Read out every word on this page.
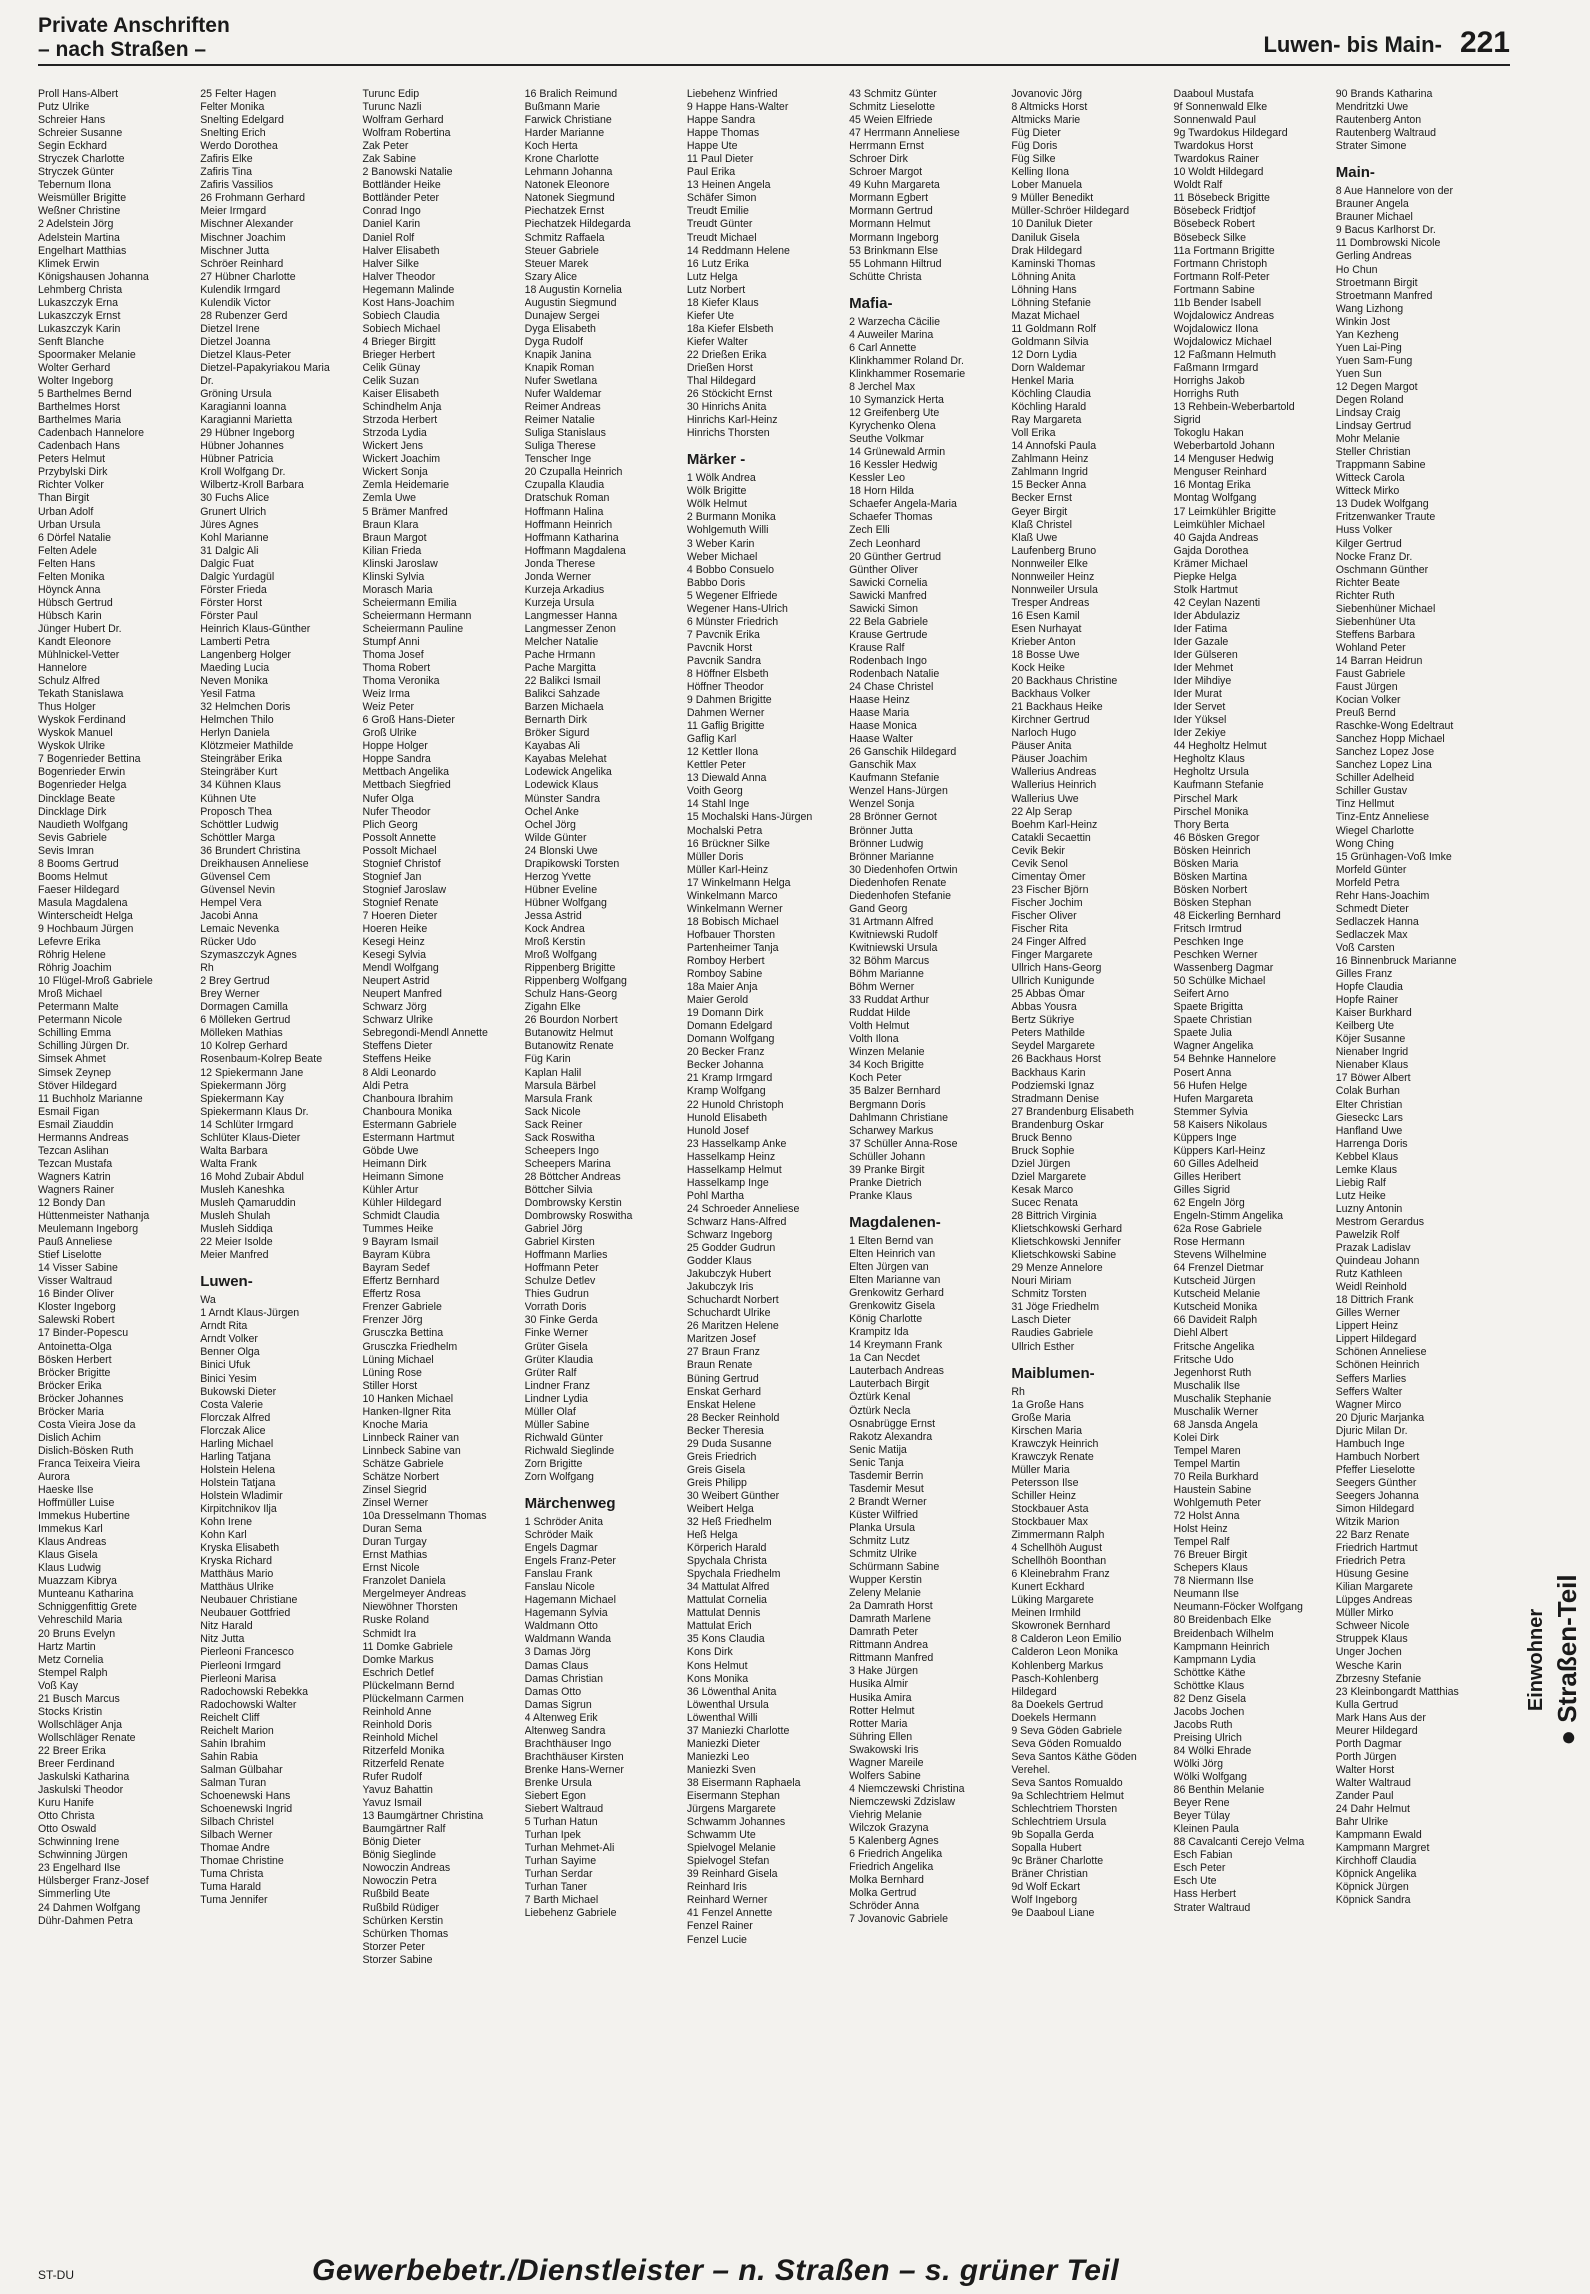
Private Anschriften
– nach Straßen –	Luwen- bis Main- 221
Proll Hans-Albert
Putz Ulrike
Schreier Hans
Schreier Susanne
Segin Eckhard
Stryczek Charlotte
Stryczek Günter
Tebernum Ilona
Weismüller Brigitte
Weßner Christine
2 Adelstein Jörg
Adelstein Martina
Engelhart Matthias
Klimek Erwin
Königshausen Johanna
Lehmberg Christa
Lukaszczyk Erna
Lukaszczyk Ernst
Lukaszczyk Karin
Senft Blanche
Spoormaker Melanie
Wolter Gerhard
Wolter Ingeborg
5 Barthelmes Bernd
Barthelmes Horst
Barthelmes Maria
Cadenbach Hannelore
Cadenbach Hans
Peters Helmut
Przybylski Dirk
Richter Volker
Than Birgit
Urban Adolf
Urban Ursula
6 Dörfel Natalie
Felten Adele
Felten Hans
Felten Monika
Höynck Anna
Hübsch Gertrud
Hübsch Karin
Jünger Hubert Dr.
Kandt Eleonore
Mühlnickel-Vetter
Hannelore
Schulz Alfred
Tekath Stanislawa
Thus Holger
Wyskok Ferdinand
Wyskok Manuel
Wyskok Ulrike
7 Bogenrieder Bettina
Bogenrieder Erwin
Bogenrieder Helga
Dincklage Beate
Dincklage Dirk
Naudieth Wolfgang
Sevis Gabriele
Sevis Imran
8 Booms Gertrud
Booms Helmut
Faeser Hildegard
Masula Magdalena
Winterscheidt Helga
9 Hochbaum Jürgen
Lefevre Erika
Röhrig Helene
Röhrig Joachim
10 Flügel-Mroß Gabriele
Mroß Michael
Petermann Malte
Petermann Nicole
Schilling Emma
Schilling Jürgen Dr.
Simsek Ahmet
Simsek Zeynep
Stöver Hildegard
11 Buchholz Marianne
Esmail Figan
Esmail Ziauddin
Hermanns Andreas
Tezcan Aslihan
Tezcan Mustafa
Wagners Katrin
Wagners Rainer
12 Bondy Dan
Hüttenmeister Nathanja
Meulemann Ingeborg
Pauß Anneliese
Stief Liselotte
14 Visser Sabine
Visser Waltraud
16 Binder Oliver
Kloster Ingeborg
Salewski Robert
17 Binder-Popescu
Antoinetta-Olga
Bösken Herbert
Bröcker Brigitte
Bröcker Erika
Bröcker Johannes
Bröcker Maria
Costa Vieira Jose da
Dislich Achim
Dislich-Bösken Ruth
Franca Teixeira Vieira
Aurora
Haeske Ilse
Hoffmüller Luise
Immekus Hubertine
Immekus Karl
Klaus Andreas
Klaus Gisela
Klaus Ludwig
Muazzam Kibrya
Munteanu Katharina
Schniggenfittig Grete
Vehreschild Maria
20 Bruns Evelyn
Hartz Martin
Metz Cornelia
Stempel Ralph
Voß Kay
21 Busch Marcus
Stocks Kristin
Wollschläger Anja
Wollschläger Renate
22 Breer Erika
Breer Ferdinand
Jaskulski Katharina
Jaskulski Theodor
Kuru Hanife
Otto Christa
Otto Oswald
Schwinning Irene
Schwinning Jürgen
23 Engelhard Ilse
Hülsberger Franz-Josef
Simmerling Ute
24 Dahmen Wolfgang
Dühr-Dahmen Petra
25 Felter Hagen
Felter Monika
Snelting Edelgard
Snelting Erich
Werdo Dorothea
Zafiris Elke
Zafiris Tina
Zafiris Vassilios
26 Frohmann Gerhard
Meier Irmgard
Mischner Alexander
Mischner Joachim
Mischner Jutta
Schröer Reinhard
27 Hübner Charlotte
Kulendik Irmgard
Kulendik Victor
28 Rubenzer Gerd
Dietzel Irene
Dietzel Joanna
Dietzel Klaus-Peter
Dietzel-Papakyriakou Maria
Dr.
Gröning Ursula
Karagianni Ioanna
Karagianni Marietta
29 Hübner Ingeborg
Hübner Johannes
Hübner Patricia
Kroll Wolfgang Dr.
Wilbertz-Kroll Barbara
30 Fuchs Alice
Grunert Ulrich
Jüres Agnes
Kohl Marianne
31 Dalgic Ali
Dalgic Fuat
Dalgic Yurdagül
Förster Frieda
Förster Horst
Förster Paul
Heinrich Klaus-Günther
Lamberti Petra
Langenberg Holger
Maeding Lucia
Neven Monika
Yesil Fatma
32 Helmchen Doris
Helmchen Thilo
Herlyn Daniela
Klötzmeier Mathilde
Steingräber Erika
Steingräber Kurt
34 Kühnen Klaus
Kühnen Ute
Proposch Thea
Schöttler Ludwig
Schöttler Marga
36 Brundert Christina
Dreikhausen Anneliese
Güvensel Cem
Güvensel Nevin
Hempel Vera
Jacobi Anna
Lemaic Nevenka
Rücker Udo
Szymaszczyk Agnes
Rh
2 Brey Gertrud
Brey Werner
Dormagen Camilla
6 Mölleken Gertrud
Mölleken Mathias
10 Kolrep Gerhard
Rosenbaum-Kolrep Beate
12 Spiekermann Jane
Spiekermann Jörg
Spiekermann Kay
Spiekermann Klaus Dr.
14 Schlüter Irmgard
Schlüter Klaus-Dieter
Walta Barbara
Walta Frank
16 Mohd Zubair Abdul
Musleh Kaneshka
Musleh Qamaruddin
Musleh Shulah
Musleh Siddiqa
22 Meier Isolde
Meier Manfred
Luwen-
Wa
1 Arndt Klaus-Jürgen
Arndt Rita
Arndt Volker
Benner Olga
Binici Ufuk
Binici Yesim
Bukowski Dieter
Costa Valerie
Florczak Alfred
Florczak Alice
Harling Michael
Harling Tatjana
Holstein Helena
Holstein Tatjana
Holstein Wladimir
Kirpitchnikov Ilja
Kohn Irene
Kohn Karl
Kryska Elisabeth
Kryska Richard
Matthäus Mario
Matthäus Ulrike
Neubauer Christiane
Neubauer Gottfried
Nitz Harald
Nitz Jutta
Pierleoni Francesco
Pierleoni Irmgard
Pierleoni Marisa
Radochowski Rebekka
Radochowski Walter
Reichelt Cliff
Reichelt Marion
Sahin Ibrahim
Sahin Rabia
Salman Gülbahar
Salman Turan
Schoenewski Hans
Schoenewski Ingrid
Silbach Christel
Silbach Werner
Thomae Andre
Thomae Christine
Tuma Christa
Tuma Harald
Tuma Jennifer
Turunc Edip
Turunc Nazli
Wolfram Gerhard
Wolfram Robertina
Zak Peter
Zak Sabine
2 Banowski Natalie
Bottländer Heike
Bottländer Peter
Conrad Ingo
Daniel Karin
Daniel Rolf
Halver Elisabeth
Halver Silke
Halver Theodor
Hegemann Malinde
Kost Hans-Joachim
Sobiech Claudia
Sobiech Michael
4 Brieger Birgitt
Brieger Herbert
Celik Günay
Celik Suzan
Kaiser Elisabeth
Schindhelm Anja
Strzoda Herbert
Strzoda Lydia
Wickert Jens
Wickert Joachim
Wickert Sonja
Zemla Heidemarie
Zemla Uwe
5 Brämer Manfred
Braun Klara
Braun Margot
Kilian Frieda
Klinski Jaroslaw
Klinski Sylvia
Morasch Maria
Scheiermann Emilia
Scheiermann Hermann
Scheiermann Pauline
Stumpf Anni
Thoma Josef
Thoma Robert
Thoma Veronika
Weiz Irma
Weiz Peter
6 Groß Hans-Dieter
Groß Ulrike
Hoppe Holger
Hoppe Sandra
Mettbach Angelika
Mettbach Siegfried
Nufer Olga
Nufer Theodor
Plich Georg
Possolt Annette
Possolt Michael
Stognief Christof
Stognief Jan
Stognief Jaroslaw
Stognief Renate
7 Hoeren Dieter
Hoeren Heike
Kesegi Heinz
Kesegi Sylvia
Mendl Wolfgang
Neupert Astrid
Neupert Manfred
Schwarz Jörg
Schwarz Ulrike
Sebregondi-Mendl Annette
Steffens Dieter
Steffens Heike
8 Aldi Leonardo
Aldi Petra
Chanboura Ibrahim
Chanboura Monika
Estermann Gabriele
Estermann Hartmut
Göbde Uwe
Heimann Dirk
Heimann Simone
Kühler Artur
Kühler Hildegard
Schmidt Claudia
Tummes Heike
9 Bayram Ismail
Bayram Kübra
Bayram Sedef
Effertz Bernhard
Effertz Rosa
Frenzer Gabriele
Frenzer Jörg
Grusczka Bettina
Grusczka Friedhelm
Lüning Michael
Lüning Rose
Stiller Horst
10 Hanken Michael
Hanken-Ilgner Rita
Knoche Maria
Linnbeck Rainer van
Linnbeck Sabine van
Schätze Gabriele
Schätze Norbert
Zinsel Siegrid
Zinsel Werner
10a Dresselmann Thomas
Duran Sema
Duran Turgay
Ernst Mathias
Ernst Nicole
Franzolet Daniela
Mergelmeyer Andreas
Niewöhner Thorsten
Ruske Roland
Schmidt Ira
11 Domke Gabriele
Domke Markus
Eschrich Detlef
Plückelmann Bernd
Plückelmann Carmen
Reinhold Anne
Reinhold Doris
Reinhold Michel
Ritzerfeld Monika
Ritzerfeld Renate
Rufer Rudolf
Yavuz Bahattin
Yavuz Ismail
13 Baumgärtner Christina
Baumgärtner Ralf
Bönig Dieter
Bönig Sieglinde
Nowoczin Andreas
Nowoczin Petra
Rußbild Beate
Rußbild Rüdiger
Schürken Kerstin
Schürken Thomas
Storzer Peter
Storzer Sabine
16 Bralich Reimund
Bußmann Marie
Farwick Christiane
Harder Marianne
Koch Herta
Krone Charlotte
Lehmann Johanna
Natonek Eleonore
Natonek Siegmund
Piechatzek Ernst
Piechatzek Hildegarda
Schmitz Raffaela
Steuer Gabriele
Steuer Marek
Szary Alice
18 Augustin Kornelia
Augustin Siegmund
Dunajew Sergei
Dyga Elisabeth
Dyga Rudolf
Knapik Janina
Knapik Roman
Nufer Swetlana
Nufer Waldemar
Reimer Andreas
Reimer Natalie
Suliga Stanislaus
Suliga Therese
Tenscher Inge
20 Czupalla Heinrich
Czupalla Klaudia
Dratschuk Roman
Hoffmann Halina
Hoffmann Heinrich
Hoffmann Katharina
Hoffmann Magdalena
Jonda Therese
Jonda Werner
Kurzeja Arkadius
Kurzeja Ursula
Langmesser Hanna
Langmesser Zenon
Melcher Natalie
Pache Hrmann
Pache Margitta
22 Balikci Ismail
Balikci Sahzade
Barzen Michaela
Bernarth Dirk
Bröker Sigurd
Kayabas Ali
Kayabas Melehat
Lodewick Angelika
Lodewick Klaus
Münster Sandra
Ochel Anke
Ochel Jörg
Wilde Günter
24 Blonski Uwe
Drapikowski Torsten
Herzog Yvette
Hübner Eveline
Hübner Wolfgang
Jessa Astrid
Kock Andrea
Mroß Kerstin
Mroß Wolfgang
Rippenberg Brigitte
Rippenberg Wolfgang
Schulz Hans-Georg
Zigahn Elke
26 Bourdon Norbert
Butanowitz Helmut
Butanowitz Renate
Füg Karin
Kaplan Halil
Marsula Bärbel
Marsula Frank
Sack Nicole
Sack Reiner
Sack Roswitha
Scheepers Ingo
Scheepers Marina
28 Böttcher Andreas
Böttcher Silvia
Dombrowsky Kerstin
Dombrowsky Roswitha
Gabriel Jörg
Gabriel Kirsten
Hoffmann Marlies
Hoffmann Peter
Schulze Detlev
Thies Gudrun
Vorrath Doris
30 Finke Gerda
Finke Werner
Grüter Gisela
Grüter Klaudia
Grüter Ralf
Lindner Franz
Lindner Lydia
Müller Olaf
Müller Sabine
Richwald Günter
Richwald Sieglinde
Zorn Brigitte
Zorn Wolfgang
Märchenweg
1 Schröder Anita
Schröder Maik
Engels Dagmar
Engels Franz-Peter
Fanslau Frank
Fanslau Nicole
Hagemann Michael
Hagemann Sylvia
Waldmann Otto
Waldmann Wanda
3 Damas Jörg
Damas Claus
Damas Christian
Damas Otto
Damas Sigrun
4 Altenweg Erik
Altenweg Sandra
Brachthäuser Ingo
Brachthäuser Kirsten
Brenke Hans-Werner
Brenke Ursula
Siebert Egon
Siebert Waltraud
5 Turhan Hatun
Turhan Ipek
Turhan Mehmet-Ali
Turhan Sayime
Turhan Serdar
Turhan Taner
7 Barth Michael
Liebehenz Gabriele
Liebehenz Winfried
9 Happe Hans-Walter
Happe Sandra
Happe Thomas
Happe Ute
11 Paul Dieter
Paul Erika
13 Heinen Angela
Schäfer Simon
Treudt Emilie
Treudt Günter
Treudt Michael
14 Reddmann Helene
16 Lutz Erika
Lutz Helga
Lutz Norbert
18 Kiefer Klaus
Kiefer Ute
18a Kiefer Elsbeth
Kiefer Walter
22 Drießen Erika
Drießen Horst
Thal Hildegard
26 Stöckicht Ernst
30 Hinrichs Anita
Hinrichs Karl-Heinz
Hinrichs Thorsten
Märker -
1 Wölk Andrea
Wölk Brigitte
Wölk Helmut
2 Burmann Monika
Wohlgemuth Willi
3 Weber Karin
Weber Michael
4 Bobbo Consuelo
Babbo Doris
5 Wegener Elfriede
Wegener Hans-Ulrich
6 Münster Friedrich
7 Pavcnik Erika
Pavcnik Horst
Pavcnik Sandra
8 Höffner Elsbeth
Höffner Theodor
9 Dahmen Brigitte
Dahmen Werner
11 Gaflig Brigitte
Gaflig Karl
12 Kettler Ilona
Kettler Peter
13 Diewald Anna
Voith Georg
14 Stahl Inge
15 Mochalski Hans-Jürgen
Mochalski Petra
16 Brückner Silke
Müller Doris
Müller Karl-Heinz
17 Winkelmann Helga
Winkelmann Marco
Winkelmann Werner
18 Bobisch Michael
Hofbauer Thorsten
Partenheimer Tanja
Romboy Herbert
Romboy Sabine
18a Maier Anja
Maier Gerold
19 Domann Dirk
Domann Edelgard
Domann Wolfgang
20 Becker Franz
Becker Johanna
21 Kramp Irmgard
Kramp Wolfgang
22 Hunold Christoph
Hunold Elisabeth
Hunold Josef
23 Hasselkamp Anke
Hasselkamp Heinz
Hasselkamp Helmut
Hasselkamp Inge
Pohl Martha
24 Schroeder Anneliese
Schwarz Hans-Alfred
Schwarz Ingeborg
25 Godder Gudrun
Godder Klaus
Jakubczyk Hubert
Jakubczyk Iris
Schuchardt Norbert
Schuchardt Ulrike
26 Maritzen Helene
Maritzen Josef
27 Braun Franz
Braun Renate
Büning Gertrud
Enskat Gerhard
Enskat Helene
28 Becker Reinhold
Becker Theresia
29 Duda Susanne
Greis Friedrich
Greis Gisela
Greis Philipp
30 Weibert Günther
Weibert Helga
32 Heß Friedhelm
Heß Helga
Körperich Harald
Spychala Christa
Spychala Friedhelm
34 Mattulat Alfred
Mattulat Cornelia
Mattulat Dennis
Mattulat Erich
35 Kons Claudia
Kons Dirk
Kons Helmut
Kons Monika
36 Löwenthal Anita
Löwenthal Ursula
Löwenthal Willi
37 Maniezki Charlotte
Maniezki Dieter
Maniezki Leo
Maniezki Sven
38 Eisermann Raphaela
Eisermann Stephan
Jürgens Margarete
Schwamm Johannes
Schwamm Ute
Spielvogel Melanie
Spielvogel Stefan
39 Reinhard Gisela
Reinhard Iris
Reinhard Werner
41 Fenzel Annette
Fenzel Rainer
Fenzel Lucie
43 Schmitz Günter
Schmitz Lieselotte
45 Weien Elfriede
47 Herrmann Anneliese
Herrmann Ernst
Schroer Dirk
Schroer Margot
49 Kuhn Margareta
Mormann Egbert
Mormann Gertrud
Mormann Helmut
Mormann Ingeborg
53 Brinkmann Else
55 Lohmann Hiltrud
Schütte Christa
Mafia-
2 Warzecha Cäcilie
4 Auweiler Marina
6 Carl Annette
Klinkhammer Roland Dr.
Klinkhammer Rosemarie
8 Jerchel Max
10 Symanzick Herta
12 Greifenberg Ute
Kyrychenko Olena
Seuthe Volkmar
14 Grünewald Armin
16 Kessler Hedwig
Kessler Leo
18 Horn Hilda
Schaefer Angela-Maria
Schaefer Thomas
Zech Elli
Zech Leonhard
20 Günther Gertrud
Günther Oliver
Sawicki Cornelia
Sawicki Manfred
Sawicki Simon
22 Bela Gabriele
Krause Gertrude
Krause Ralf
Rodenbach Ingo
Rodenbach Natalie
24 Chase Christel
Haase Heinz
Haase Maria
Haase Monica
Haase Walter
26 Ganschik Hildegard
Ganschik Max
Kaufmann Stefanie
Wenzel Hans-Jürgen
Wenzel Sonja
28 Brönner Gernot
Brönner Jutta
Brönner Ludwig
Brönner Marianne
30 Diedenhofen Ortwin
Diedenhofen Renate
Diedenhofen Stefanie
Gand Georg
31 Artmann Alfred
Kwitniewski Rudolf
Kwitniewski Ursula
32 Böhm Marcus
Böhm Marianne
Böhm Werner
33 Ruddat Arthur
Ruddat Hilde
Volth Helmut
Volth Ilona
Winzen Melanie
34 Koch Brigitte
Koch Peter
35 Balzer Bernhard
Bergmann Doris
Dahlmann Christiane
Scharwey Markus
37 Schüller Anna-Rose
Schüller Johann
39 Pranke Birgit
Pranke Dietrich
Pranke Klaus
Magdalenen-
1 Elten Bernd van
Elten Heinrich van
Elten Jürgen van
Elten Marianne van
Grenkowitz Gerhard
Grenkowitz Gisela
König Charlotte
Krampitz Ida
14 Kreymann Frank
1a Can Necdet
Lauterbach Andreas
Lauterbach Birgit
Öztürk Kenal
Öztürk Necla
Osnabrügge Ernst
Rakotz Alexandra
Senic Matija
Senic Tanja
Tasdemir Berrin
Tasdemir Mesut
2 Brandt Werner
Küster Wilfried
Planka Ursula
Schmitz Lutz
Schmitz Ulrike
Schürmann Sabine
Wupper Kerstin
Zeleny Melanie
2a Damrath Horst
Damrath Marlene
Damrath Peter
Rittmann Andrea
Rittmann Manfred
3 Hake Jürgen
Husika Almir
Husika Amira
Rotter Helmut
Rotter Maria
Sühring Ellen
Swakowski Iris
Wagner Mareile
Wolfers Sabine
4 Niemczewski Christina
Niemczewski Zdzislaw
Viehrig Melanie
Wilczok Grazyna
5 Kalenberg Agnes
6 Friedrich Angelika
Friedrich Angelika
Molka Bernhard
Molka Gertrud
Schröder Anna
7 Jovanovic Gabriele
Jovanovic Jörg
8 Altmicks Horst
Altmicks Marie
Füg Dieter
Füg Doris
Füg Silke
Kelling Ilona
Lober Manuela
9 Müller Benedikt
Müller-Schröer Hildegard
10 Daniluk Dieter
Daniluk Gisela
Drak Hildegard
Kaminski Thomas
Löhning Anita
Löhning Hans
Löhning Stefanie
Mazat Michael
11 Goldmann Rolf
Goldmann Silvia
12 Dorn Lydia
Dorn Waldemar
Henkel Maria
Köchling Claudia
Köchling Harald
Ray Margareta
Voll Erika
14 Annofski Paula
Zahlmann Heinz
Zahlmann Ingrid
15 Becker Anna
Becker Ernst
Geyer Birgit
Klaß Christel
Klaß Uwe
Laufenberg Bruno
Nonnweiler Elke
Nonnweiler Heinz
Nonnweiler Ursula
Tresper Andreas
16 Esen Kamil
Esen Nurhayat
Krieber Anton
18 Bosse Uwe
Kock Heike
20 Backhaus Christine
Backhaus Volker
21 Backhaus Heike
Kirchner Gertrud
Narloch Hugo
Päuser Anita
Päuser Joachim
Wallerius Andreas
Wallerius Heinrich
Wallerius Uwe
22 Alp Serap
Boehm Karl-Heinz
Catakli Secaettin
Cevik Bekir
Cevik Senol
Cimentay Ömer
23 Fischer Björn
Fischer Jochim
Fischer Oliver
Fischer Rita
24 Finger Alfred
Finger Margarete
Ullrich Hans-Georg
Ullrich Kunigunde
25 Abbas Ömar
Abbas Yousra
Bertz Sükriye
Peters Mathilde
Seydel Margarete
26 Backhaus Horst
Backhaus Karin
Podziemski Ignaz
Stradmann Denise
27 Brandenburg Elisabeth
Brandenburg Oskar
Bruck Benno
Bruck Sophie
Dziel Jürgen
Dziel Margarete
Kesak Marco
Sucec Renata
28 Bittrich Virginia
Klietschkowski Gerhard
Klietschkowski Jennifer
Klietschkowski Sabine
29 Menze Annelore
Nouri Miriam
Schmitz Torsten
31 Jöge Friedhelm
Lasch Dieter
Raudies Gabriele
Ullrich Esther
Maiblumen-
Rh
1a Große Hans
Große Maria
Kirschen Maria
Krawczyk Heinrich
Krawczyk Renate
Müller Maria
Petersson Ilse
Schiller Heinz
Stockbauer Asta
Stockbauer Max
Zimmermann Ralph
4 Schellhöh August
Schellhöh Boonthan
6 Kleinebrahm Franz
Kunert Eckhard
Lüking Margarete
Meinen Irmhild
Skowronek Bernhard
8 Calderon Leon Emilio
Calderon Leon Monika
Kohlenberg Markus
Pasch-Kohlenberg
Hildegard
8a Doekels Gertrud
Doekels Hermann
9 Seva Göden Gabriele
Seva Göden Romualdo
Seva Santos Käthe Göden
Verehel.
Seva Santos Romualdo
9a Schlechtriem Helmut
Schlechtriem Thorsten
Schlechtriem Ursula
9b Sopalla Gerda
Sopalla Hubert
9c Bräner Charlotte
Bräner Christian
9d Wolf Eckart
Wolf Ingeborg
9e Daaboul Liane
Daaboul Mustafa
9f Sonnenwald Elke
Sonnenwald Paul
9g Twardokus Hildegard
Twardokus Horst
Twardokus Rainer
10 Woldt Hildegard
Woldt Ralf
11 Bösebeck Brigitte
Bösebeck Fridtjof
Bösebeck Robert
Bösebeck Silke
11a Fortmann Brigitte
Fortmann Christoph
Fortmann Rolf-Peter
Fortmann Sabine
11b Bender Isabell
Wojdalowicz Andreas
Wojdalowicz Ilona
Wojdalowicz Michael
12 Faßmann Helmuth
Faßmann Irmgard
Horrighs Jakob
Horrighs Ruth
13 Rehbein-Weberbartold
Sigrid
Tokoglu Hakan
Weberbartold Johann
14 Menguser Hedwig
Menguser Reinhard
16 Montag Erika
Montag Wolfgang
17 Leimkühler Brigitte
Leimkühler Michael
40 Gajda Andreas
Gajda Dorothea
Krämer Michael
Piepke Helga
Stolk Hartmut
42 Ceylan Nazenti
Ider Abdulaziz
Ider Fatima
Ider Gazale
Ider Gülseren
Ider Mehmet
Ider Mihdiye
Ider Murat
Ider Servet
Ider Yüksel
Ider Zekiye
44 Hegholtz Helmut
Hegholtz Klaus
Hegholtz Ursula
Kaufmann Stefanie
Pirschel Mark
Pirschel Monika
Thory Berta
46 Bösken Gregor
Bösken Heinrich
Bösken Maria
Bösken Martina
Bösken Norbert
Bösken Stephan
48 Eickerling Bernhard
Fritsch Irmtrud
Peschken Inge
Peschken Werner
Wassenberg Dagmar
50 Schülke Michael
Seifert Arno
Spaete Brigitta
Spaete Christian
Spaete Julia
Wagner Angelika
54 Behnke Hannelore
Posert Anna
56 Hufen Helge
Hufen Margareta
Stemmer Sylvia
58 Kaisers Nikolaus
Küppers Inge
Küppers Karl-Heinz
60 Gilles Adelheid
Gilles Heribert
Gilles Sigrid
62 Engeln Jörg
Engeln-Stimm Angelika
62a Rose Gabriele
Rose Hermann
Stevens Wilhelmine
64 Frenzel Dietmar
Kutscheid Jürgen
Kutscheid Melanie
Kutscheid Monika
66 Davideit Ralph
Diehl Albert
Fritsche Angelika
Fritsche Udo
Jegenhorst Ruth
Muschalik Ilse
Muschalik Stephanie
Muschalik Werner
68 Jansda Angela
Kolei Dirk
Tempel Maren
Tempel Martin
70 Reila Burkhard
Haustein Sabine
Wohlgemuth Peter
72 Holst Anna
Holst Heinz
Tempel Ralf
76 Breuer Birgit
Schepers Klaus
78 Niermann Ilse
Neumann Ilse
Neumann-Föcker Wolfgang
80 Breidenbach Elke
Breidenbach Wilhelm
Kampmann Heinrich
Kampmann Lydia
Schöttke Käthe
Schöttke Klaus
82 Denz Gisela
Jacobs Jochen
Jacobs Ruth
Preising Ulrich
84 Wölki Ehrade
Wölki Jörg
Wölki Wolfgang
86 Benthin Melanie
Beyer Rene
Beyer Tülay
Kleinen Paula
88 Cavalcanti Cerejo Velma
Esch Fabian
Esch Peter
Esch Ute
Hass Herbert
Strater Waltraud
90 Brands Katharina
Mendritzki Uwe
Rautenberg Anton
Rautenberg Waltraud
Strater Simone
Main-
8 Aue Hannelore von der
Brauner Angela
Brauner Michael
9 Bacus Karlhorst Dr.
11 Dombrowski Nicole
Gerling Andreas
Ho Chun
Stroetmann Birgit
Stroetmann Manfred
Wang Lizhong
Winkin Jost
Yan Kezheng
Yuen Lai-Ping
Yuen Sam-Fung
Yuen Sun
12 Degen Margot
Degen Roland
Lindsay Craig
Lindsay Gertrud
Mohr Melanie
Steller Christian
Trappmann Sabine
Witteck Carola
Witteck Mirko
13 Dudek Wolfgang
Fritzenwanker Traute
Huss Volker
Kilger Gertrud
Nocke Franz Dr.
Oschmann Günther
Richter Beate
Richter Ruth
Siebenhüner Michael
Siebenhüner Uta
Steffens Barbara
Wohland Peter
14 Barran Heidrun
Faust Gabriele
Faust Jürgen
Kocian Volker
Preuß Bernd
Raschke-Wong Edeltraut
Sanchez Hopp Michael
Sanchez Lopez Jose
Sanchez Lopez Lina
Schiller Adelheid
Schiller Gustav
Tinz Hellmut
Tinz-Entz Anneliese
Wiegel Charlotte
Wong Ching
15 Grünhagen-Voß Imke
Morfeld Günter
Morfeld Petra
Rehr Hans-Joachim
Schmedt Dieter
Sedlaczek Hanna
Sedlaczek Max
Voß Carsten
16 Binnenbruck Marianne
Gilles Franz
Hopfe Claudia
Hopfe Rainer
Kaiser Burkhard
Keilberg Ute
Köjer Susanne
Nienaber Ingrid
Nienaber Klaus
17 Böwer Albert
Colak Burhan
Elter Christian
Gieseckc Lars
Hanfland Uwe
Harrenga Doris
Kebbel Klaus
Lemke Klaus
Liebig Ralf
Lutz Heike
Luzny Antonin
Mestrom Gerardus
Pawelzik Rolf
Prazak Ladislav
Quindeau Johann
Rutz Kathleen
Weidl Reinhold
18 Dittrich Frank
Gilles Werner
Lippert Heinz
Lippert Hildegard
Schönen Anneliese
Schönen Heinrich
Seffers Marlies
Seffers Walter
Wagner Mirco
20 Djuric Marjanka
Djuric Milan Dr.
Hambuch Inge
Hambuch Norbert
Pfeffer Lieselotte
Seegers Günther
Seegers Johanna
Simon Hildegard
Witzik Marion
22 Barz Renate
Friedrich Hartmut
Friedrich Petra
Hüsung Gesine
Kilian Margarete
Lüpges Andreas
Müller Mirko
Schweer Nicole
Struppek Klaus
Unger Jochen
Wesche Karin
Zbrzesny Stefanie
23 Kleinbongardt Matthias
Kulla Gertrud
Mark Hans Aus der
Meurer Hildegard
Porth Dagmar
Porth Jürgen
Walter Horst
Walter Waltraud
Zander Paul
24 Dahr Helmut
Bahr Ulrike
Kampmann Ewald
Kampmann Margret
Kirchhoff Claudia
Köpnick Angelika
Köpnick Jürgen
Köpnick Sandra
Einwohner ● Straßen-Teil
ST-DU	Gewerbebetr./Dienstleister – n. Straßen – s. grüner Teil
